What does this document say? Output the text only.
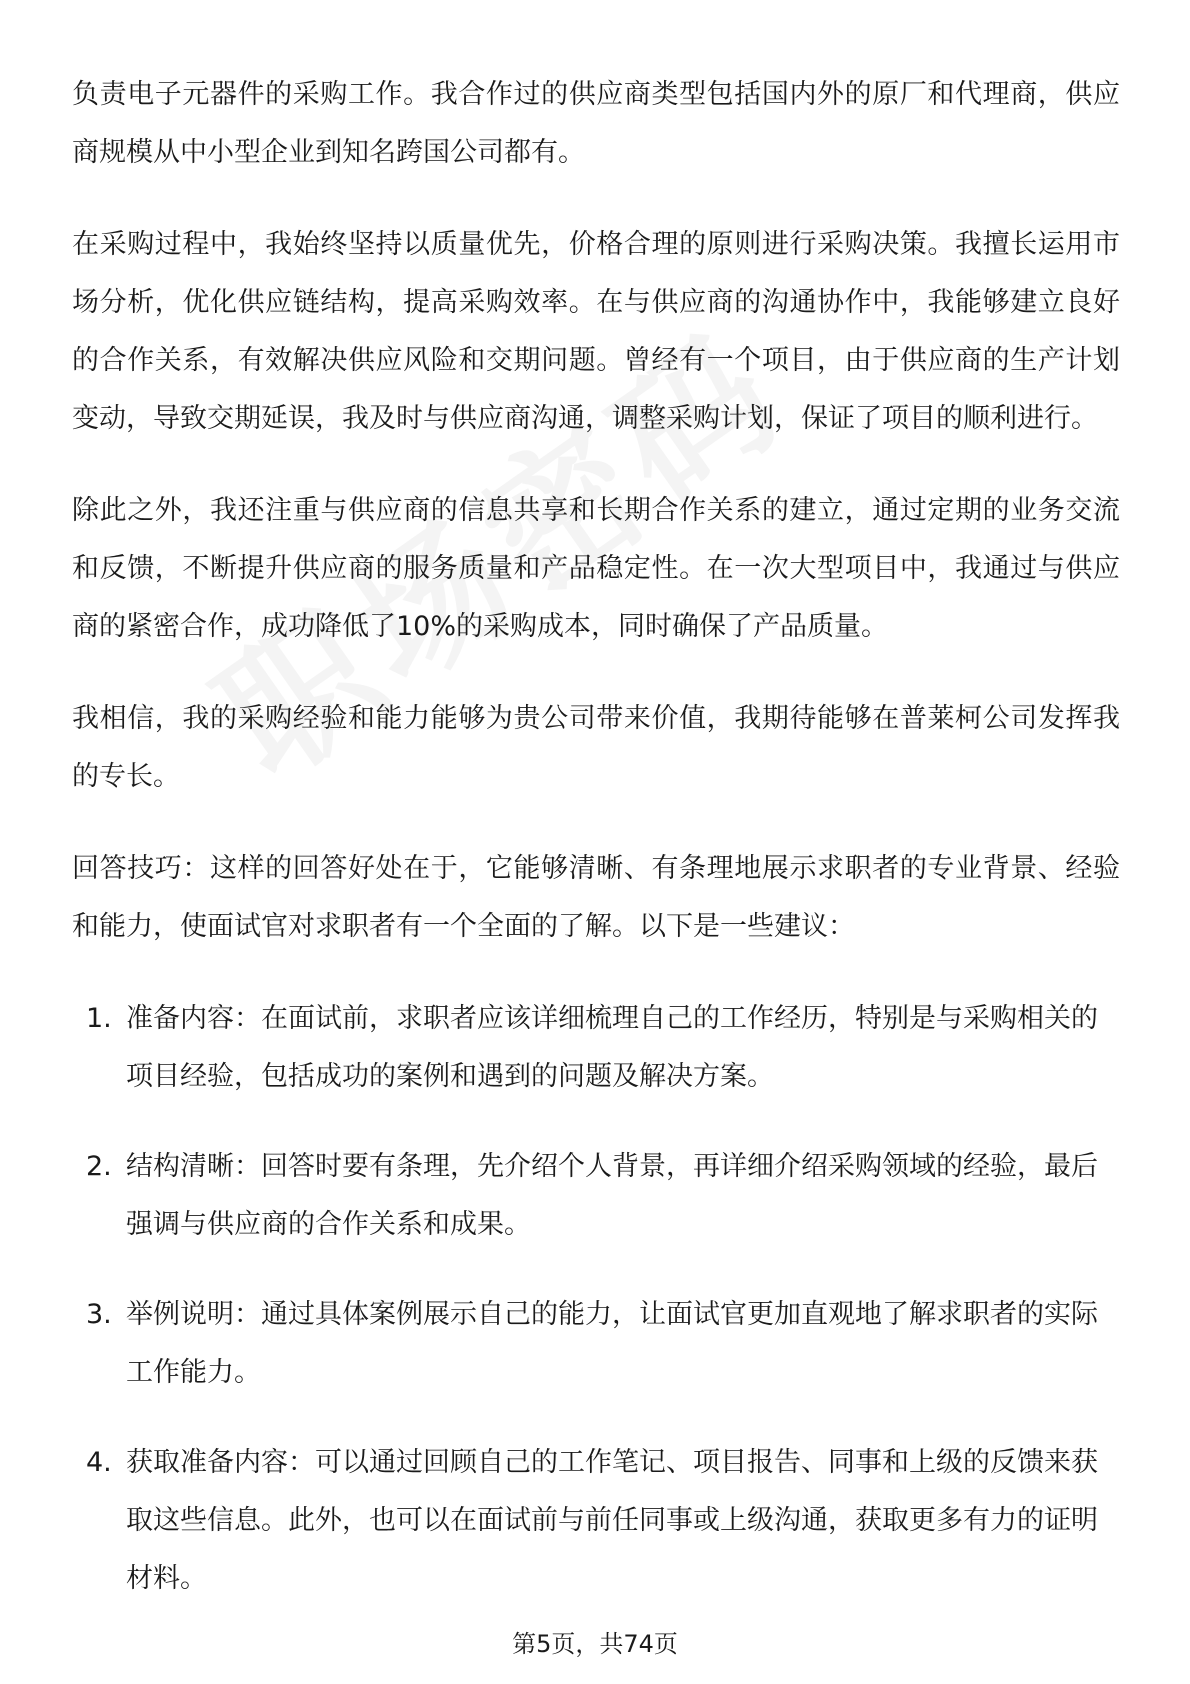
负责电子元器件的采购工作。我合作过的供应商类型包括国内外的原厂和代理商，供应商规模从中小型企业到知名跨国公司都有。

在采购过程中，我始终坚持以质量优先，价格合理的原则进行采购决策。我擅长运用市场分析，优化供应链结构，提高采购效率。在与供应商的沟通协作中，我能够建立良好的合作关系，有效解决供应风险和交期问题。曾经有一个项目，由于供应商的生产计划变动，导致交期延误，我及时与供应商沟通，调整采购计划，保证了项目的顺利进行。

除此之外，我还注重与供应商的信息共享和长期合作关系的建立，通过定期的业务交流和反馈，不断提升供应商的服务质量和产品稳定性。在一次大型项目中，我通过与供应商的紧密合作，成功降低了10%的采购成本，同时确保了产品质量。

我相信，我的采购经验和能力能够为贵公司带来价值，我期待能够在普莱柯公司发挥我的专长。

回答技巧：这样的回答好处在于，它能够清晰、有条理地展示求职者的专业背景、经验和能力，使面试官对求职者有一个全面的了解。以下是一些建议：

1. 准备内容：在面试前，求职者应该详细梳理自己的工作经历，特别是与采购相关的项目经验，包括成功的案例和遇到的问题及解决方案。
2. 结构清晰：回答时要有条理，先介绍个人背景，再详细介绍采购领域的经验，最后强调与供应商的合作关系和成果。
3. 举例说明：通过具体案例展示自己的能力，让面试官更加直观地了解求职者的实际工作能力。
4. 获取准备内容：可以通过回顾自己的工作笔记、项目报告、同事和上级的反馈来获取这些信息。此外，也可以在面试前与前任同事或上级沟通，获取更多有力的证明材料。
第5页，共74页
